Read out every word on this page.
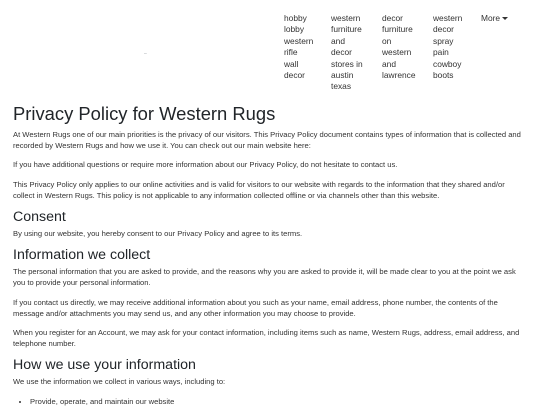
–
hobby
lobby
western
rifle
wall
decor
western
furniture
and
decor
stores in
austin
texas
decor
furniture
on
western
and
lawrence
western
decor
spray
pain
cowboy
boots
More
Privacy Policy for Western Rugs

At Western Rugs one of our main priorities is the privacy of our visitors. This Privacy Policy document contains types of information that is collected and recorded by Western Rugs and how we use it. You can check out our main website here:

If you have additional questions or require more information about our Privacy Policy, do not hesitate to contact us.

This Privacy Policy only applies to our online activities and is valid for visitors to our website with regards to the information that they shared and/or collect in Western Rugs. This policy is not applicable to any information collected offline or via channels other than this website.

Consent

By using our website, you hereby consent to our Privacy Policy and agree to its terms.

Information we collect

The personal information that you are asked to provide, and the reasons why you are asked to provide it, will be made clear to you at the point we ask you to provide your personal information.

If you contact us directly, we may receive additional information about you such as your name, email address, phone number, the contents of the message and/or attachments you may send us, and any other information you may choose to provide.

When you register for an Account, we may ask for your contact information, including items such as name, Western Rugs, address, email address, and telephone number.

How we use your information

We use the information we collect in various ways, including to:

• Provide, operate, and maintain our website
